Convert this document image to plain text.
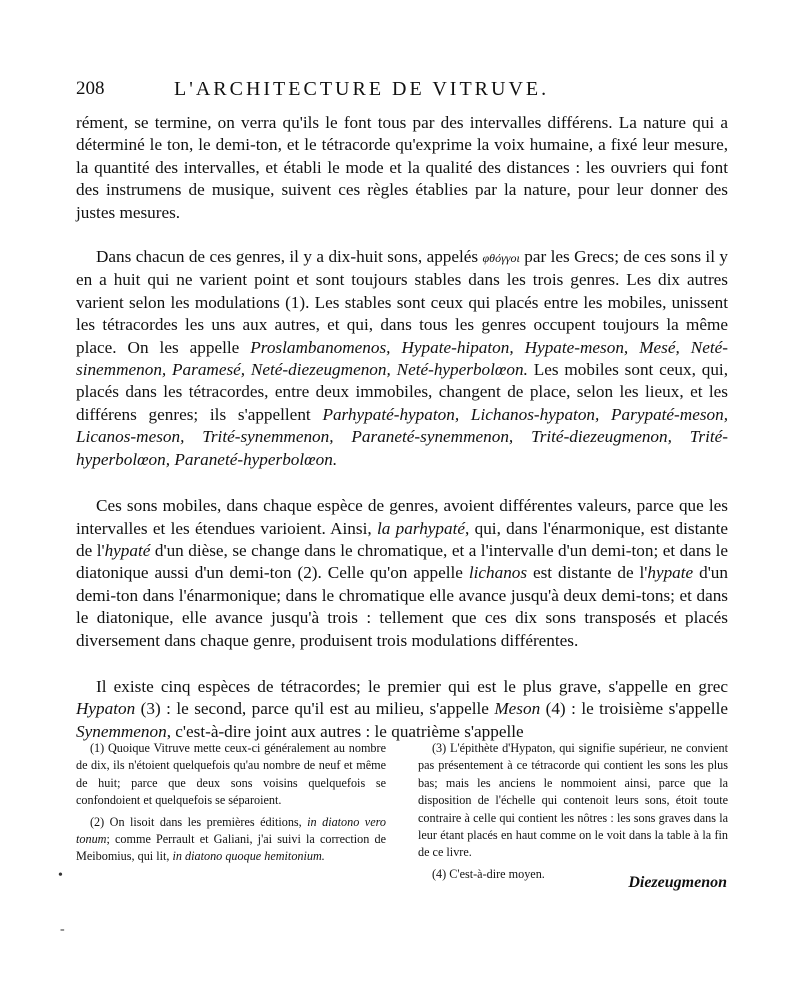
208	L'ARCHITECTURE DE VITRUVE.

rément, se termine, on verra qu'ils le font tous par des intervalles différens. La nature qui a déterminé le ton, le demi-ton, et le tétracorde qu'exprime la voix humaine, a fixé leur mesure, la quantité des intervalles, et établi le mode et la qualité des distances : les ouvriers qui font des instrumens de musique, suivent ces règles établies par la nature, pour leur donner des justes mesures.

Dans chacun de ces genres, il y a dix-huit sons, appelés φθόγγοι par les Grecs; de ces sons il y en a huit qui ne varient point et sont toujours stables dans les trois genres. Les dix autres varient selon les modulations (1). Les stables sont ceux qui placés entre les mobiles, unissent les tétracordes les uns aux autres, et qui, dans tous les genres occupent toujours la même place. On les appelle Proslambanomenos, Hypate-hipaton, Hypate-meson, Mesé, Neté-sinemmenon, Paramesé, Neté-diezeugmenon, Neté-hyperbolœon. Les mobiles sont ceux, qui, placés dans les tétracordes, entre deux immobiles, changent de place, selon les lieux, et les différens genres; ils s'appellent Parhypaté-hypaton, Lichanos-hypaton, Parypaté-meson, Licanos-meson, Trité-synemmenon, Paraneté-synemmenon, Trité-diezeugmenon, Trité-hyperbolœon, Paraneté-hyperbolœon.

Ces sons mobiles, dans chaque espèce de genres, avoient différentes valeurs, parce que les intervalles et les étendues varioient. Ainsi, la parhypaté, qui, dans l'énarmonique, est distante de l'hypaté d'un dièse, se change dans le chromatique, et a l'intervalle d'un demi-ton; et dans le diatonique aussi d'un demi-ton (2). Celle qu'on appelle lichanos est distante de l'hypate d'un demi-ton dans l'énarmonique; dans le chromatique elle avance jusqu'à deux demi-tons; et dans le diatonique, elle avance jusqu'à trois : tellement que ces dix sons transposés et placés diversement dans chaque genre, produisent trois modulations différentes.

Il existe cinq espèces de tétracordes; le premier qui est le plus grave, s'appelle en grec Hypaton (3) : le second, parce qu'il est au milieu, s'appelle Meson (4) : le troisième s'appelle Synemmenon, c'est-à-dire joint aux autres : le quatrième s'appelle

(1) Quoique Vitruve mette ceux-ci généralement au nombre de dix, ils n'étoient quelquefois qu'au nombre de neuf et même de huit; parce que deux sons voisins quelquefois se confondoient et quelquefois se séparoient.

(2) On lisoit dans les premières éditions, in diatono vero tonum; comme Perrault et Galiani, j'ai suivi la correction de Meibomius, qui lit, in diatono quoque hemitonium.

(3) L'épithète d'Hypaton, qui signifie supérieur, ne convient pas présentement à ce tétracorde qui contient les sons les plus bas; mais les anciens le nommoient ainsi, parce que la disposition de l'échelle qui contenoit leurs sons, étoit toute contraire à celle qui contient les nôtres : les sons graves dans la leur étant placés en haut comme on le voit dans la table à la fin de ce livre.

(4) C'est-à-dire moyen.

Diezeugmenon
•
-
